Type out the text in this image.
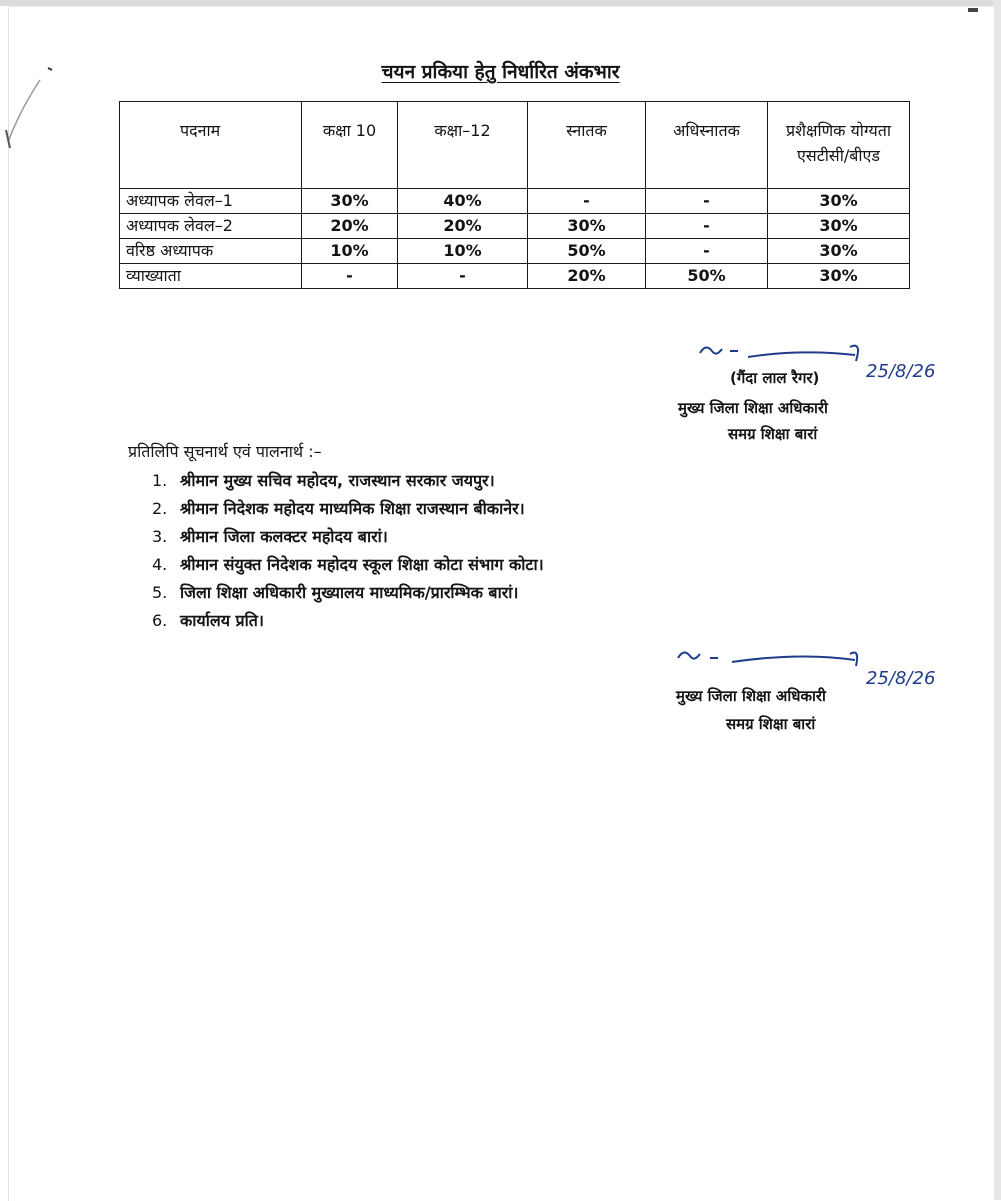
चयन प्रकिया हेतु निर्धारित अंकभार
पदनाम	कक्षा 10	कक्षा–12	स्नातक	अधिस्नातक	प्रशैक्षणिक योग्यता एसटीसी/बीएड
अध्यापक लेवल–1	30%	40%	-	-	30%
अध्यापक लेवल–2	20%	20%	30%	-	30%
वरिष्ठ अध्यापक	10%	10%	50%	-	30%
व्याख्याता	-	-	20%	50%	30%
25/8/26
(गैंदा लाल रैगर)
मुख्य जिला शिक्षा अधिकारी
समग्र शिक्षा बारां
प्रतिलिपि सूचनार्थ एवं पालनार्थ :–
1. श्रीमान मुख्य सचिव महोदय, राजस्थान सरकार जयपुर।
2. श्रीमान निदेशक महोदय माध्यमिक शिक्षा राजस्थान बीकानेर।
3. श्रीमान जिला कलक्टर महोदय बारां।
4. श्रीमान संयुक्त निदेशक महोदय स्कूल शिक्षा कोटा संभाग कोटा।
5. जिला शिक्षा अधिकारी मुख्यालय माध्यमिक/प्रारम्भिक बारां।
6. कार्यालय प्रति।
25/8/26
मुख्य जिला शिक्षा अधिकारी
समग्र शिक्षा बारां
